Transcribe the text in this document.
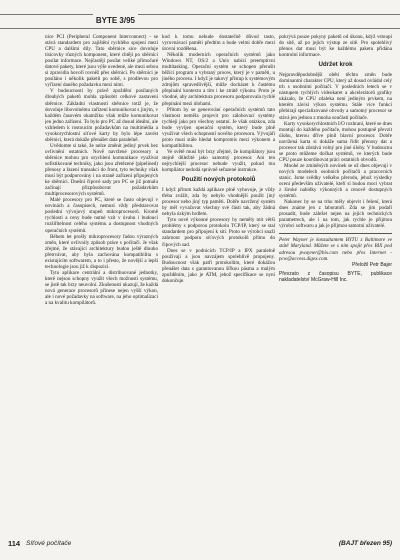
BYTE 3/95

nice PCI (Peripheral Component Interconnect) - se stává standardem pro zajištění rychlého spojení mezi CPU a dalšími díly. Tato sběrnice sice dovoluje tisícovky různých komponent, které chtějí po sběrnici posílat informace. Nejčastěji posílat veliké přímočaré datové pakety, které jsou výše uvedené, ale mezi sebou si zpravidla hovoří rovněž přes sběrnici. Po sběrnici je posíláno i několik paketů po sobě, s prodlevou pro vyřízení daného požadavku mezi nimi.

V budoucnosti by právě zpoždění posílaných dlouhých paketů mohla způsobit celkové zastavení sběrnice. Základní vlastností sběrnice totiž je, že dovoluje libovolnému zařízení komunikovat s jiným, v každém časovém okamžiku však může komunikovat jen jedno zařízení. To bylo pro PC až dosud ideální, ale vzhledem k rostoucím požadavkům na multimédia a vysokorychlostní síťové karty by bylo lépe zavést sběrnici, která dokáže přenášet data paralelně.

Uvědomte si také, že nelze změnit jediný prvek bez ovlivnění ostatních. Nově navržené procesory a sběrnice mohou pro urychlení komunikace využívat sofistikované techniky, jako jsou zřetězené (pipelined) přenosy a řazení transakcí do front, tyto techniky však musí být podporovány i na straně zařízení připojených ke sběrnici. Dnešní čipové sady pro PC se již pomalu začínají přizpůsobovat požadavkům multiprocesorových systémů.

Malé procesory pro PC, které se často objevují v novinách a časopisech, nemusí vždy představovat poslední vývojový stupeň mikroprocesorů. Kromě rychlosti a ceny bude nutné vzít v úvahu i budoucí rozšiřitelnost celého systému a dostupnost vhodných operačních systémů.

Během let prošly mikroprocesory řadou výrazných změn, které ovlivnily způsob práce s počítači. Je však zřejmé, že stávající architektury budou ještě dlouho přetrvávat, aby byla zachována kompatibilita s existujícím softwarem, a to i přesto, že novější a lepší technologie jsou již k dispozici.

Tyto aplikace centrální a distribuované jednotky, které nejsou schopny využít všech možností systému, se jistě tak brzy neuvolní. Zkušenosti ukazují, že každá nová generace procesorů přinese nejen vyšší výkon, ale i nové požadavky na software, na jeho optimalizaci a na kvalitu kompilátorů.

kud k tomu nebude dostatečně důvod tasto, vyrovnávací paměti předtím a bude velmi dobře mezi úrovní rozdělena.

Několik moderních operačních systémů jako Windows NT, OS/2 a Unix nabízí preemptivní multitasking. Operační systém se schopen přerušit běžící program a vybraný proces, který je v paměti, u jiného procesu. I když je takový přístup k systémovým zdrojům spravedlivější, může docházet k častému přepínání kontextu a tím i ke ztrátě výkonu. Proto je vhodné, aby architektura procesoru podporovala rychlé přepínání mezi úlohami.

Přitom by se generování operačních systémů tato vlastnost neměla projevit pro zálohovací systémy rychleji jako pro všechny ostatní. Je však otázkou, zda bude vyvíjen operační systém, který bude plně využívat všech schopností nového procesoru. Vývojáři proto musí stále hledat kompromis mezi výkonem a kompatibilitou.

Ve světě musí být brzy zřejmé, že kompilátory jsou stejně důležité jako samotný procesor. Ani ten nejrychlejší procesor nebude využit, pokud mu kompilátor nedodá správně seřazené instrukce.

Použití nových protokolů

I když přitom každá aplikace plně vyhovuje, je vždy třeba zvážit, zda by nebylo vhodnější použít jiný procesor nebo jiný typ paměti. Dobře navržený systém by měl vyvažovat všechny své části tak, aby žádná nebyla úzkým hrdlem.

Tyto nové výkonné procesory by neměly mít větší problémy s podporou protokolu TCP/IP, který se stal standardem pro připojení k síti. Proto se výrobci snaží zahrnout podporu síťových protokolů přímo do čipových sad.

Dnes se v podnicích TCP/IP a IPX paralelně používají a jsou navzájem spolehlivě propojeny. Budoucnost však patří protokolům, které dokážou přenášet data s garantovanou šířkou pásma a malým zpožděním, jako je ATM, jehož specifikace se nyní dokončuje.

pokrývá pouze pokyny paketů od úkonu, když vstoupí do sítě, až po jejich výstup ze sítě. Pro spolehlivý přenos dat musí být ke každému paketu přidána kontrolní informace.

Udržet krok

Nejpravděpodobnější oběti těchto změn bude dominantní charakter CPU, který až dosud ovládal celý trh s osobními počítači. V posledních letech se v nástupem rychlých videokaret a akcelerátorů grafiky ukázalo, že CPU zdaleka není jediným prvkem, na kterém závisí výkon systému. Stále více funkcí přebírají specializované obvody a samotný procesor se stává jen jednou z mnoha součástí počítače.

Karty vysokorychlostních I/O rozhraní, které se dnes montují do každého počítače, mohou postupně převzít úlohu, kterou dříve plnil hlavní procesor. Dobře navržená karta si dokáže sama řídit přenosy dat a procesor tak zůstává volný pro jiné úlohy. V budoucnu se proto můžeme dočkat systémů, ve kterých bude CPU pouze koordinovat práci ostatních obvodů.

Mnohé ze zmíněných novinek se už dnes objevují v nových modelech osobních počítačů a pracovních stanic. Jsme svědky velkého přerodu, jehož výsledky ocení především uživatelé, kteří si budou moci vybrat z široké nabídky výkonných a cenově dostupných systémů.

Nakonec by se na trhu měly objevit i řešení, která dnes známe jen z laboratoří. Zda se jim podaří prosadit, bude záležet nejen na jejich technických parametrech, ale i na tom, jak rychle je přijmou výrobci softwaru a jak je přijmou samotní uživatelé.

Peter Wayner je konzultantem BYTU z Baltimore ve státě Maryland. Můžete se s ním spojit přes BIX pod adresou pwayner@bix.com nebo přes Internet - pcw@access.digex.com.

Přeložil Petr Bajer

Převzato z časopisu BYTE, publikace nakladatelství McGraw-Hill Inc.

114 Síťové počítače	(BAJT březen 95)
